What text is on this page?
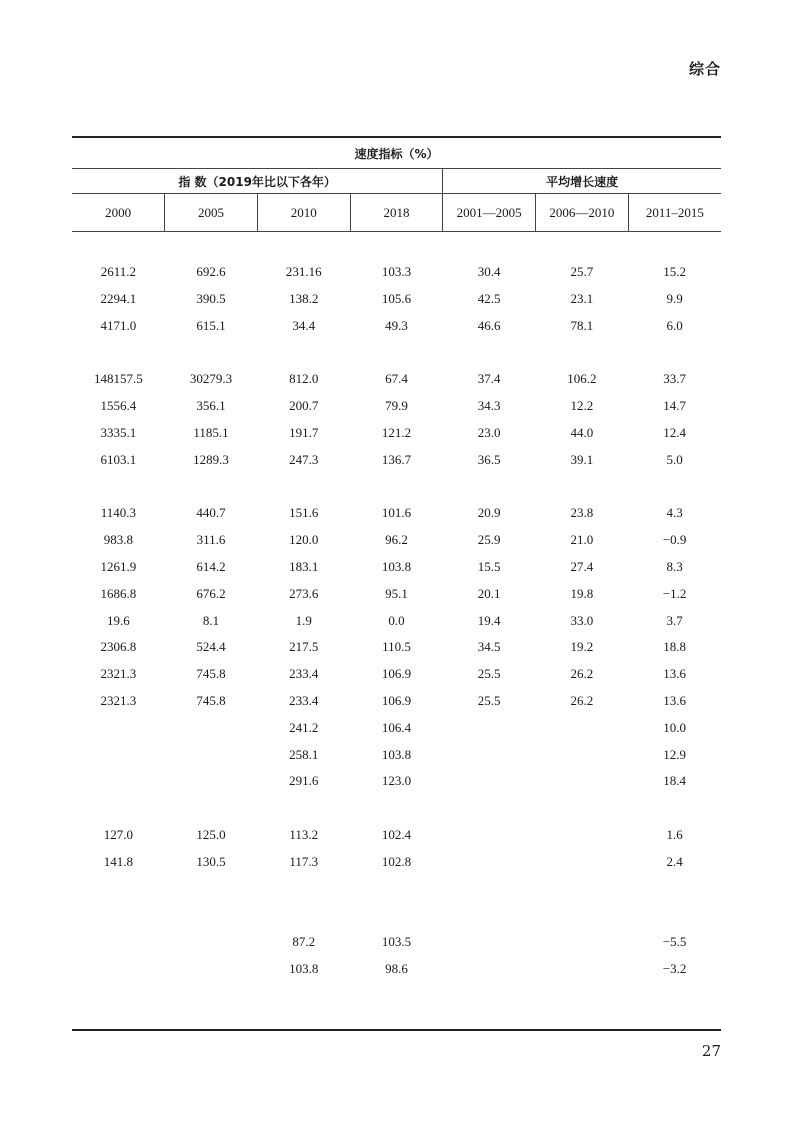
综合
速度指标（%）						
指 数（2019年比以下各年）				平均增长速度		
2000	2005	2010	2018	2001—2005	2006—2010	2011–2015

2611.2	692.6	231.16	103.3	30.4	25.7	15.2
2294.1	390.5	138.2	105.6	42.5	23.1	9.9
4171.0	615.1	34.4	49.3	46.6	78.1	6.0

148157.5	30279.3	812.0	67.4	37.4	106.2	33.7
1556.4	356.1	200.7	79.9	34.3	12.2	14.7
3335.1	1185.1	191.7	121.2	23.0	44.0	12.4
6103.1	1289.3	247.3	136.7	36.5	39.1	5.0

1140.3	440.7	151.6	101.6	20.9	23.8	4.3
983.8	311.6	120.0	96.2	25.9	21.0	−0.9
1261.9	614.2	183.1	103.8	15.5	27.4	8.3
1686.8	676.2	273.6	95.1	20.1	19.8	−1.2
19.6	8.1	1.9	0.0	19.4	33.0	3.7
2306.8	524.4	217.5	110.5	34.5	19.2	18.8
2321.3	745.8	233.4	106.9	25.5	26.2	13.6
2321.3	745.8	233.4	106.9	25.5	26.2	13.6
		241.2	106.4			10.0
		258.1	103.8			12.9
		291.6	123.0			18.4

127.0	125.0	113.2	102.4			1.6
141.8	130.5	117.3	102.8			2.4

		87.2	103.5			−5.5
		103.8	98.6			−3.2
27
